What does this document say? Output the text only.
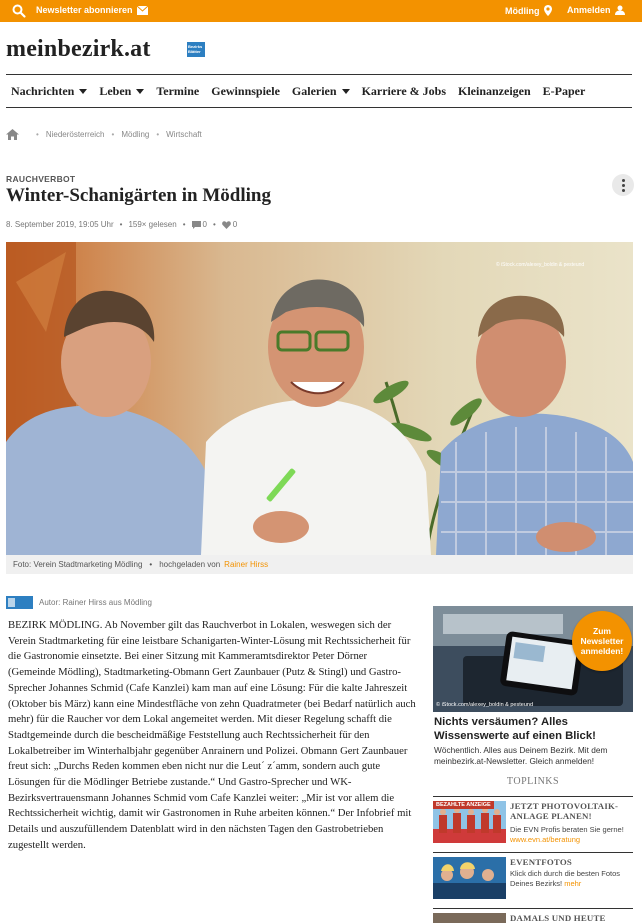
Newsletter abonnieren	Mödling	Anmelden
meinbezirk.at	Bezirks Blätter
Nachrichten Leben Termine Gewinnspiele Galerien Karriere & Jobs Kleinanzeigen E-Paper
• Niederösterreich • Mödling • Wirtschaft
RAUCHVERBOT
Winter-Schanigärten in Mödling
8. September 2019, 19:05 Uhr • 159× gelesen • 0 • 0
© iStock.com/alexey_boldin & pesteund
Foto: Verein Stadtmarketing Mödling • hochgeladen von Rainer Hirss
Autor: Rainer Hirss aus Mödling
BEZIRK MÖDLING. Ab November gilt das Rauchverbot in Lokalen, weswegen sich der Verein Stadtmarketing für eine leistbare Schanigarten-Winter-Lösung mit Rechtssicherheit für die Gastronomie einsetzte. Bei einer Sitzung mit Kammeramtsdirektor Peter Dörner (Gemeinde Mödling), Stadtmarketing-Obmann Gert Zaunbauer (Putz & Stingl) und Gastro-Sprecher Johannes Schmid (Cafe Kanzlei) kam man auf eine Lösung: Für die kalte Jahreszeit (Oktober bis März) kann eine Mindestfläche von zehn Quadratmeter (bei Bedarf natürlich auch mehr) für die Raucher vor dem Lokal angemeitet werden. Mit dieser Regelung schafft die Stadtgemeinde durch die bescheidmäßige Feststellung auch Rechtssicherheit für den Lokalbetreiber im Winterhalbjahr gegenüber Anrainern und Polizei. Obmann Gert Zaunbauer freut sich: „Durchs Reden kommen eben nicht nur die Leut´ z´amm, sondern auch gute Lösungen für die Mödlinger Betriebe zustande.“ Und Gastro-Sprecher und WK-Bezirksvertrauensmann Johannes Schmid vom Cafe Kanzlei weiter: „Mir ist vor allem die Rechtssicherheit wichtig, damit wir Gastronomen in Ruhe arbeiten können.“ Der Infobrief mit Details und auszufüllendem Datenblatt wird in den nächsten Tagen den Gastrobetrieben zugestellt werden.
Zum Newsletter anmelden!
© iStock.com/alexey_boldin & pesteund
Nichts versäumen? Alles Wissenswerte auf einen Blick!
Wöchentlich. Alles aus Deinem Bezirk. Mit dem meinbezirk.at-Newsletter. Gleich anmelden!
TOPLINKS
BEZAHLTE ANZEIGE	JETZT PHOTOVOLTAIK-ANLAGE PLANEN!
Die EVN Profis beraten Sie gerne! www.evn.at/beratung
EVENTFOTOS
Klick dich durch die besten Fotos Deines Bezirks! mehr
DAMALS UND HEUTE
